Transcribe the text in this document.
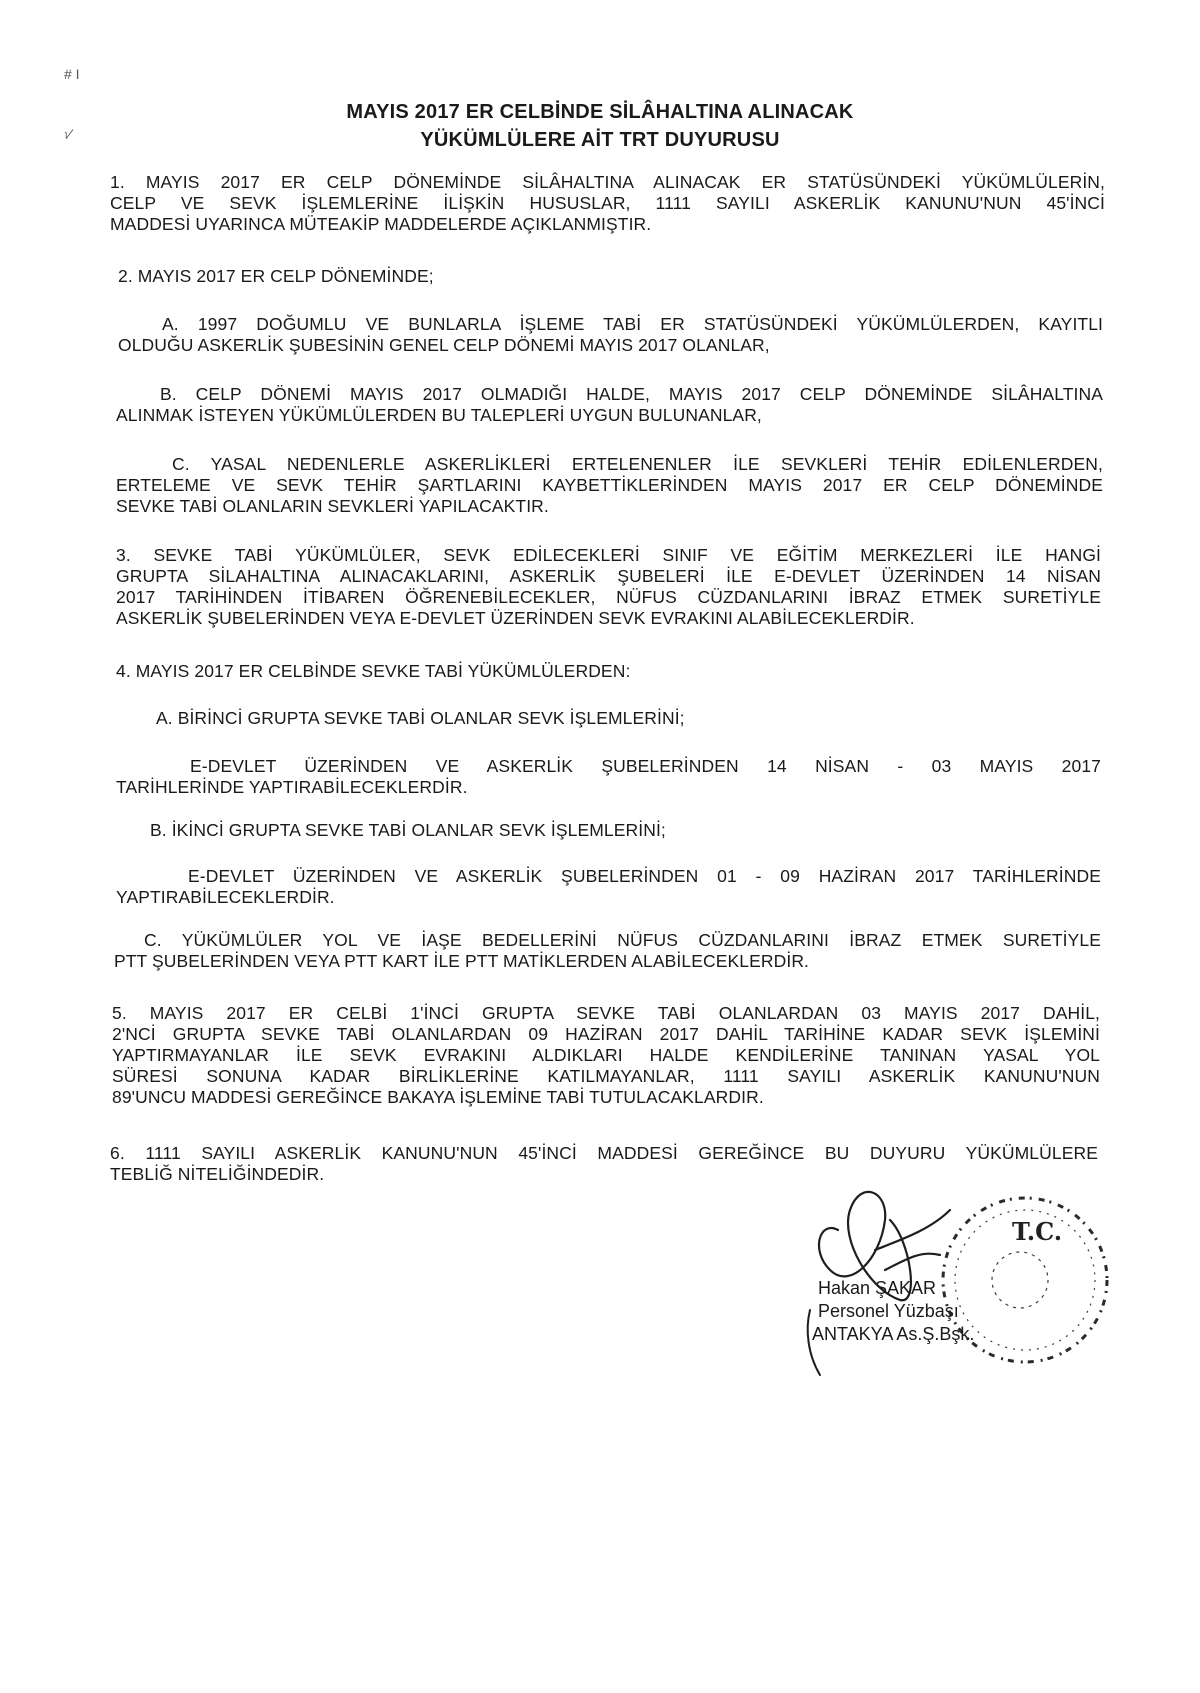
# I
√
MAYIS 2017 ER CELBİNDE SİLÂHALTINA ALINACAK
YÜKÜMLÜLERE AİT TRT DUYURUSU
1. MAYIS 2017 ER CELP DÖNEMİNDE SİLÂHALTINA ALINACAK ER STATÜSÜNDEKİ YÜKÜMLÜLERİN,
CELP VE SEVK İŞLEMLERİNE İLİŞKİN HUSUSLAR, 1111 SAYILI ASKERLİK KANUNU'NUN 45'İNCİ
MADDESİ UYARINCA MÜTEAKİP MADDELERDE AÇIKLANMIŞTIR.
2. MAYIS 2017 ER CELP DÖNEMİNDE;
A. 1997 DOĞUMLU VE BUNLARLA İŞLEME TABİ ER STATÜSÜNDEKİ YÜKÜMLÜLERDEN, KAYITLI
OLDUĞU ASKERLİK ŞUBESİNİN GENEL CELP DÖNEMİ MAYIS 2017 OLANLAR,
B. CELP DÖNEMİ MAYIS 2017 OLMADIĞI HALDE, MAYIS 2017 CELP DÖNEMİNDE SİLÂHALTINA
ALINMAK İSTEYEN YÜKÜMLÜLERDEN BU TALEPLERİ UYGUN BULUNANLAR,
C. YASAL NEDENLERLE ASKERLİKLERİ ERTELENENLER İLE SEVKLERİ TEHİR EDİLENLERDEN,
ERTELEME VE SEVK TEHİR ŞARTLARINI KAYBETTİKLERİNDEN MAYIS 2017 ER CELP DÖNEMİNDE
SEVKE TABİ OLANLARIN SEVKLERİ YAPILACAKTIR.
3. SEVKE TABİ YÜKÜMLÜLER, SEVK EDİLECEKLERİ SINIF VE EĞİTİM MERKEZLERİ İLE HANGİ
GRUPTA SİLAHALTINA ALINACAKLARINI, ASKERLİK ŞUBELERİ İLE E-DEVLET ÜZERİNDEN 14 NİSAN
2017 TARİHİNDEN İTİBAREN ÖĞRENEBİLECEKLER, NÜFUS CÜZDANLARINI İBRAZ ETMEK SURETİYLE
ASKERLİK ŞUBELERİNDEN VEYA E-DEVLET ÜZERİNDEN SEVK EVRAKINI ALABİLECEKLERDİR.
4. MAYIS 2017 ER CELBİNDE SEVKE TABİ YÜKÜMLÜLERDEN:
A. BİRİNCİ GRUPTA SEVKE TABİ OLANLAR SEVK İŞLEMLERİNİ;
E-DEVLET ÜZERİNDEN VE ASKERLİK ŞUBELERİNDEN 14 NİSAN - 03 MAYIS 2017
TARİHLERİNDE YAPTIRABİLECEKLERDİR.
B. İKİNCİ GRUPTA SEVKE TABİ OLANLAR SEVK İŞLEMLERİNİ;
E-DEVLET ÜZERİNDEN VE ASKERLİK ŞUBELERİNDEN 01 - 09 HAZİRAN 2017 TARİHLERİNDE
YAPTIRABİLECEKLERDİR.
C. YÜKÜMLÜLER YOL VE İAŞE BEDELLERİNİ NÜFUS CÜZDANLARINI İBRAZ ETMEK SURETİYLE
PTT ŞUBELERİNDEN VEYA PTT KART İLE PTT MATİKLERDEN ALABİLECEKLERDİR.
5. MAYIS 2017 ER CELBİ 1'İNCİ GRUPTA SEVKE TABİ OLANLARDAN 03 MAYIS 2017 DAHİL,
2'NCİ GRUPTA SEVKE TABİ OLANLARDAN 09 HAZİRAN 2017 DAHİL TARİHİNE KADAR SEVK İŞLEMİNİ
YAPTIRMAYANLAR İLE SEVK EVRAKINI ALDIKLARI HALDE KENDİLERİNE TANINAN YASAL YOL
SÜRESİ SONUNA KADAR BİRLİKLERİNE KATILMAYANLAR, 1111 SAYILI ASKERLİK KANUNU'NUN
89'UNCU MADDESİ GEREĞİNCE BAKAYA İŞLEMİNE TABİ TUTULACAKLARDIR.
6. 1111 SAYILI ASKERLİK KANUNU'NUN 45'İNCİ MADDESİ GEREĞİNCE BU DUYURU YÜKÜMLÜLERE
TEBLİĞ NİTELİĞİNDEDİR.
T.C.
Hakan ŞAKAR
Personel Yüzbaşı
ANTAKYA As.Ş.Bşk.
